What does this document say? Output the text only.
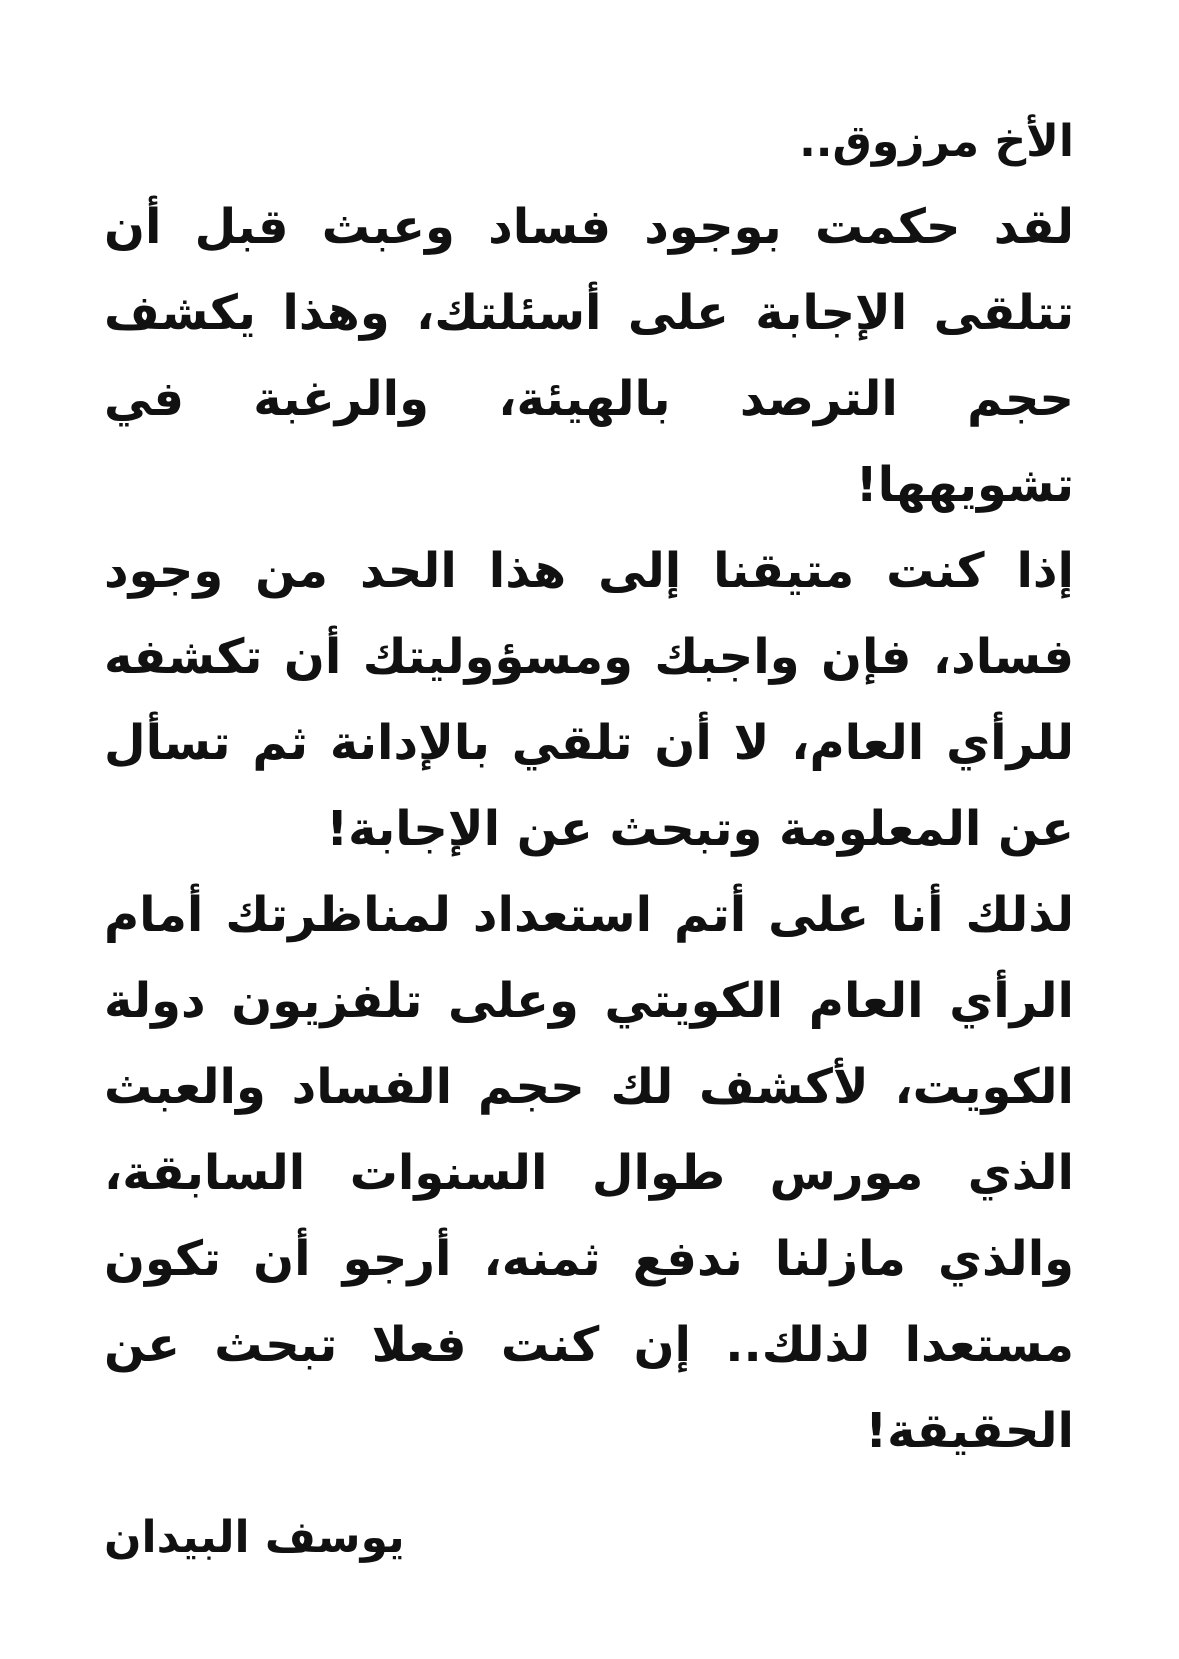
الأخ مرزوق..

لقد حكمت بوجود فساد وعبث قبل أن تتلقى الإجابة على أسئلتك، وهذا يكشف حجم الترصد بالهيئة، والرغبة في تشويهها!

إذا كنت متيقنا إلى هذا الحد من وجود فساد، فإن واجبك ومسؤوليتك أن تكشفه للرأي العام، لا أن تلقي بالإدانة ثم تسأل عن المعلومة وتبحث عن الإجابة!

لذلك أنا على أتم استعداد لمناظرتك أمام الرأي العام الكويتي وعلى تلفزيون دولة الكويت، لأكشف لك حجم الفساد والعبث الذي مورس طوال السنوات السابقة، والذي مازلنا ندفع ثمنه، أرجو أن تكون مستعدا لذلك.. إن كنت فعلا تبحث عن الحقيقة!

يوسف البيدان
